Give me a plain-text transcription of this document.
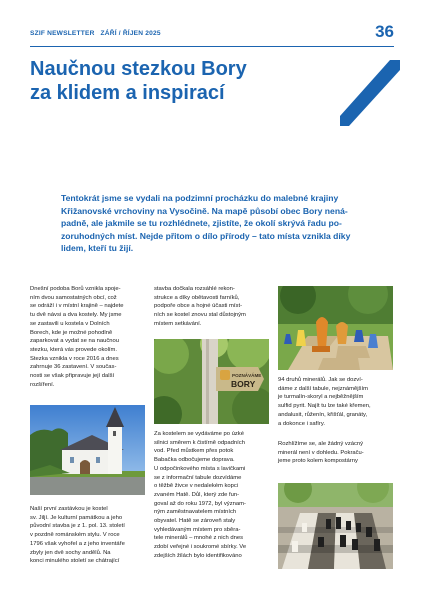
SZIF NEWSLETTER ZÁŘÍ / ŘÍJEN 2025	36
Naučnou stezkou Bory
za klidem a inspirací
Tentokrát jsme se vydali na podzimní procházku do malebné krajiny
Křižanovské vrchoviny na Vysočině. Na mapě působí obec Bory nená-
padně, ale jakmile se tu rozhlédnete, zjistíte, že okolí skrývá řadu po-
zoruhodných míst. Nejde přitom o dílo přírody – tato místa vznikla díky
lidem, kteří tu žijí.

Dnešní podoba Borů vznikla spoje-

ním dvou samostatných obcí, což

se odráží i v místní krajině – najdete

tu dvě návsi a dva kostely. My jsme

se zastavili u kostela v Dolních

Borech, kde je možné pohodlně

zaparkovat a vydat se na naučnou

stezku, která vás provede okolím.

Stezka vznikla v roce 2016 a dnes

zahrnuje 36 zastavení. V součas-

nosti se však připravuje její další

rozšíření.

Naší první zastávkou je kostel

sv. Jiljí. Je kulturní památkou a jeho

původní stavba je z 1. pol. 13. století

v pozdně románském stylu. V roce

1796 však vyhořel a z jeho inventáře

zbyly jen dvě sochy andělů. Na

konci minulého století se chátrající

stavba dočkala rozsáhlé rekon-

strukce a díky obětavosti farníků,

podpoře obce a hojné účasti míst-

ních se kostel znovu stal důstojným

místem setkávání.

POZNÁVÁME
BORY

Za kostelem se vydáváme po úzké

silnici směrem k čistírně odpadních

vod. Před můstkem přes potok

Babačka odbočujeme doprava.

U odpočinkového místa s lavičkami

se z informační tabule dozvídáme

o těžbě živce v nedalekém kopci

zvaném Hatě. Důl, který zde fun-

goval až do roku 1972, byl význam-

ným zaměstnavatelem místních

obyvatel. Hatě se zároveň staly

vyhledávaným místem pro sběra-

tele minerálů – mnohé z nich dnes

zdobí veřejné i soukromé sbírky. Ve

zdejších žilách bylo identifikováno

94 druhů minerálů. Jak se dozví-

dáme z další tabule, nejznámějším

je turmalín-skoryl a nejběžnějším

sulfid pyrit. Najít tu lze také křemen,

andalusit, růženín, křišťál, granáty,

a dokonce i safíry.

Rozhlížíme se, ale žádný vzácný

minerál není v dohledu. Pokraču-

jeme proto kolem kompostárny
